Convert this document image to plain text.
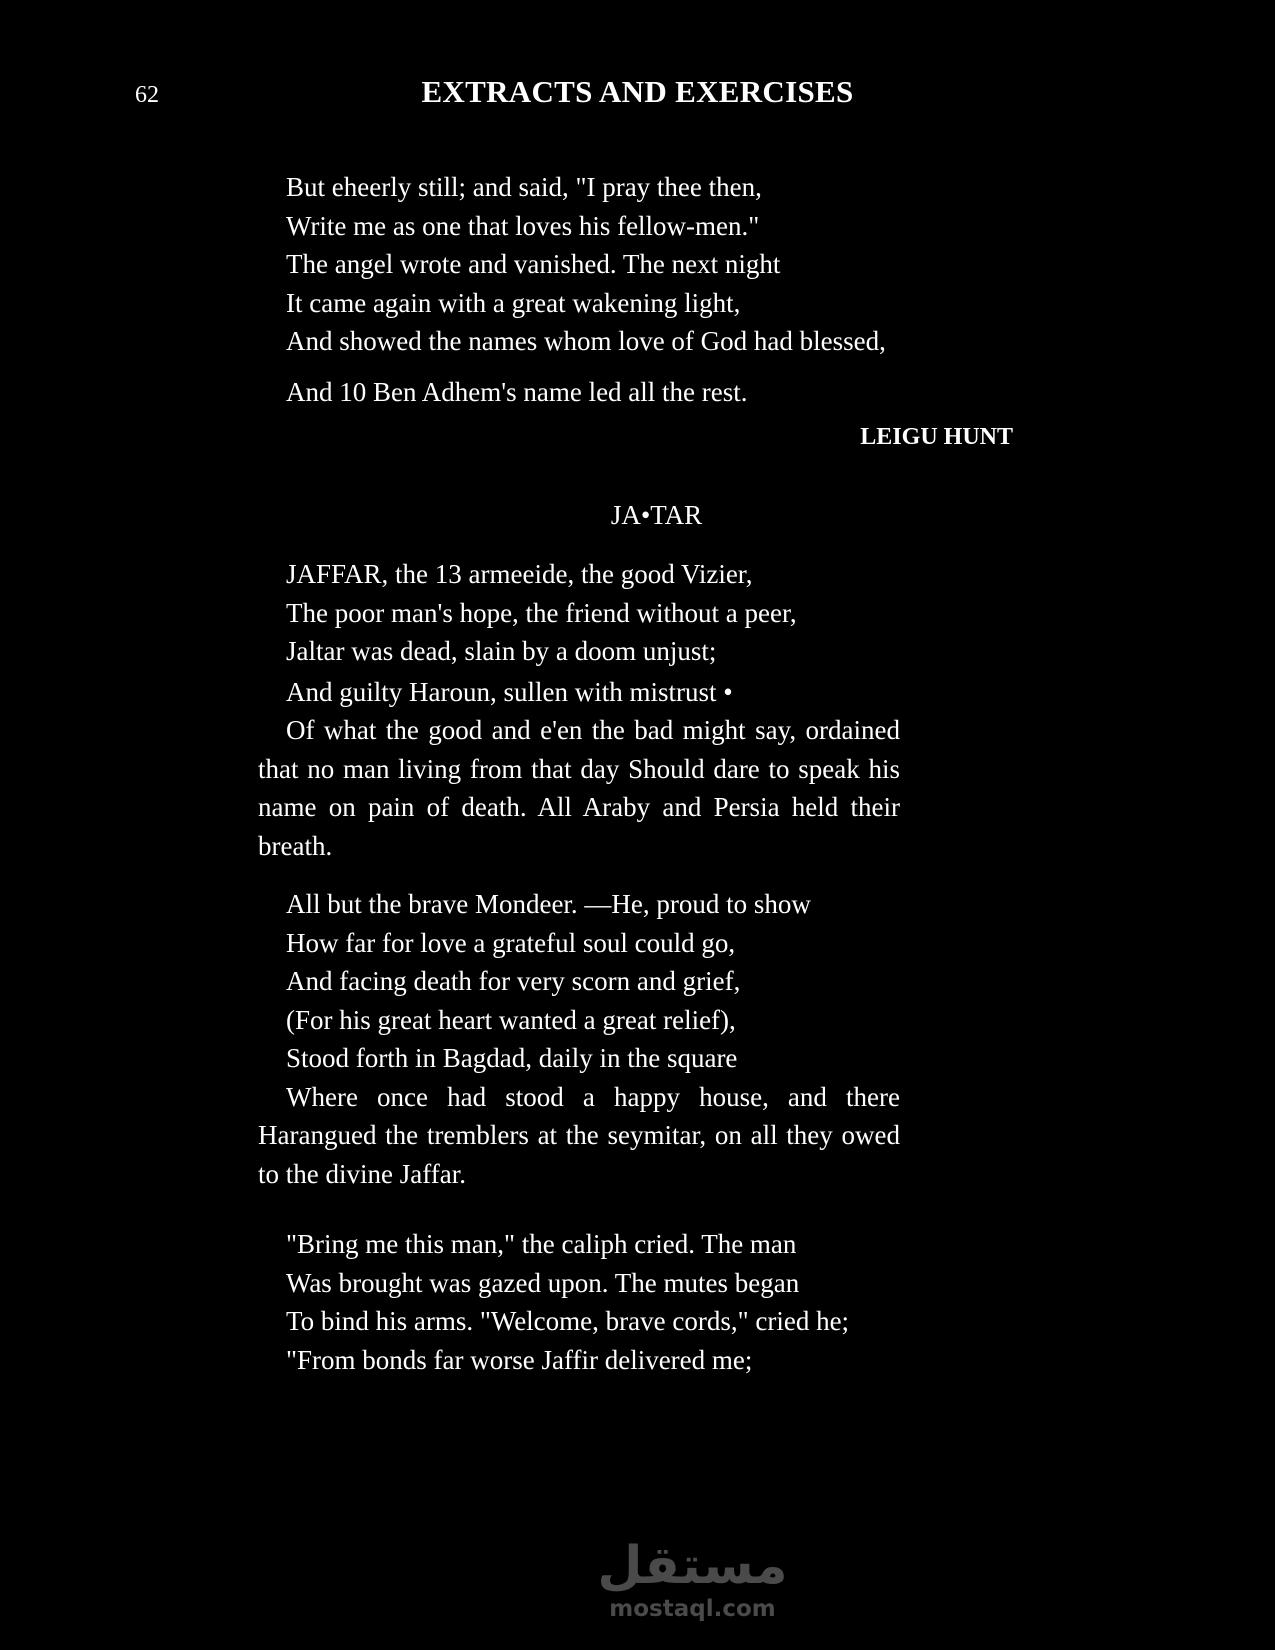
62	EXTRACTS AND EXERCISES
But eheerly still; and said, "I pray thee then,
Write me as one that loves his fellow-men."
The angel wrote and vanished. The next night
It came again with a great wakening light,
And showed the names whom love of God had blessed,
And 10 Ben Adhem's name led all the rest.
LEIGU HUNT
JA•TAR
JAFFAR, the 13 armeeide, the good Vizier,
The poor man's hope, the friend without a peer,
Jaltar was dead, slain by a doom unjust;
And guilty Haroun, sullen with mistrust •
Of what the good and e'en the bad might say, ordained that no man living from that day Should dare to speak his name on pain of death. All Araby and Persia held their breath.
All but the brave Mondeer. —He, proud to show
How far for love a grateful soul could go,
And facing death for very scorn and grief,
(For his great heart wanted a great relief),
Stood forth in Bagdad, daily in the square
Where once had stood a happy house, and there Harangued the tremblers at the seymitar, on all they owed to the divine Jaffar.
"Bring me this man," the caliph cried. The man
Was brought was gazed upon. The mutes began
To bind his arms. "Welcome, brave cords," cried he;
"From bonds far worse Jaffir delivered me;
مستقل
mostaql.com
